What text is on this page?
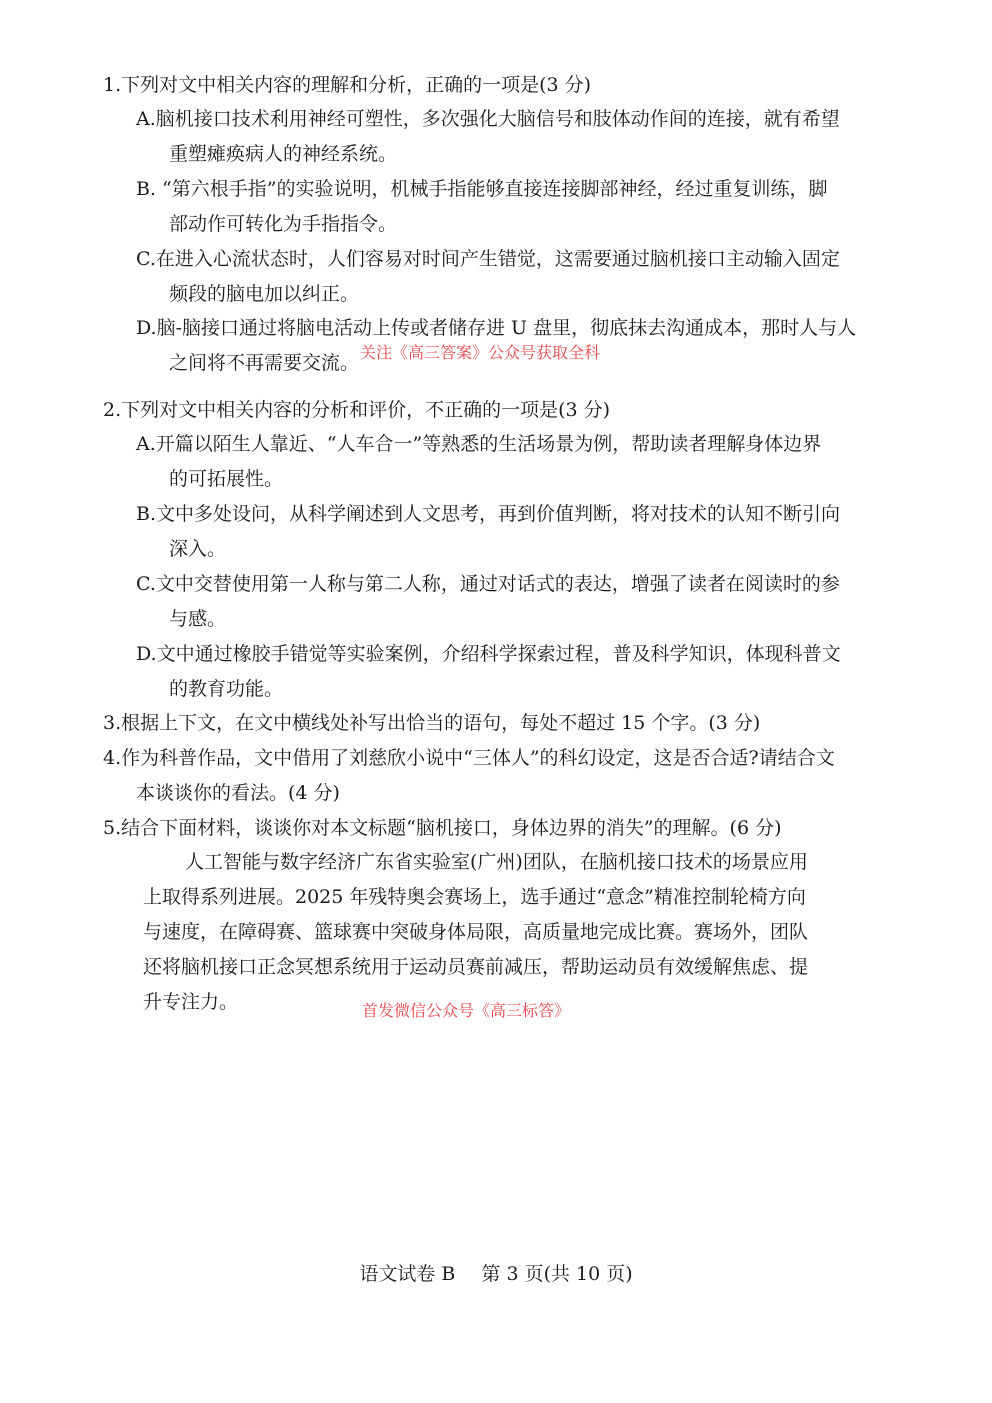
1.下列对文中相关内容的理解和分析，正确的一项是(3 分)
A.脑机接口技术利用神经可塑性，多次强化大脑信号和肢体动作间的连接，就有希望
重塑瘫痪病人的神经系统。
B. “第六根手指”的实验说明，机械手指能够直接连接脚部神经，经过重复训练，脚
部动作可转化为手指指令。
C.在进入心流状态时，人们容易对时间产生错觉，这需要通过脑机接口主动输入固定
频段的脑电加以纠正。
D.脑-脑接口通过将脑电活动上传或者储存进 U 盘里，彻底抹去沟通成本，那时人与人
之间将不再需要交流。 关注《高三答案》公众号获取全科
2.下列对文中相关内容的分析和评价，不正确的一项是(3 分)
A.开篇以陌生人靠近、“人车合一”等熟悉的生活场景为例，帮助读者理解身体边界
的可拓展性。
B.文中多处设问，从科学阐述到人文思考，再到价值判断，将对技术的认知不断引向
深入。
C.文中交替使用第一人称与第二人称，通过对话式的表达，增强了读者在阅读时的参
与感。
D.文中通过橡胶手错觉等实验案例，介绍科学探索过程，普及科学知识，体现科普文
的教育功能。
3.根据上下文，在文中横线处补写出恰当的语句，每处不超过 15 个字。(3 分)
4.作为科普作品，文中借用了刘慈欣小说中“三体人”的科幻设定，这是否合适?请结合文
本谈谈你的看法。(4 分)
5.结合下面材料，谈谈你对本文标题“脑机接口，身体边界的消失”的理解。(6 分)
人工智能与数字经济广东省实验室(广州)团队，在脑机接口技术的场景应用
上取得系列进展。2025 年残特奥会赛场上，选手通过“意念”精准控制轮椅方向
与速度，在障碍赛、篮球赛中突破身体局限，高质量地完成比赛。赛场外，团队
还将脑机接口正念冥想系统用于运动员赛前减压，帮助运动员有效缓解焦虑、提
升专注力。	首发微信公众号《高三标答》
语文试卷 B 第 3 页(共 10 页)
